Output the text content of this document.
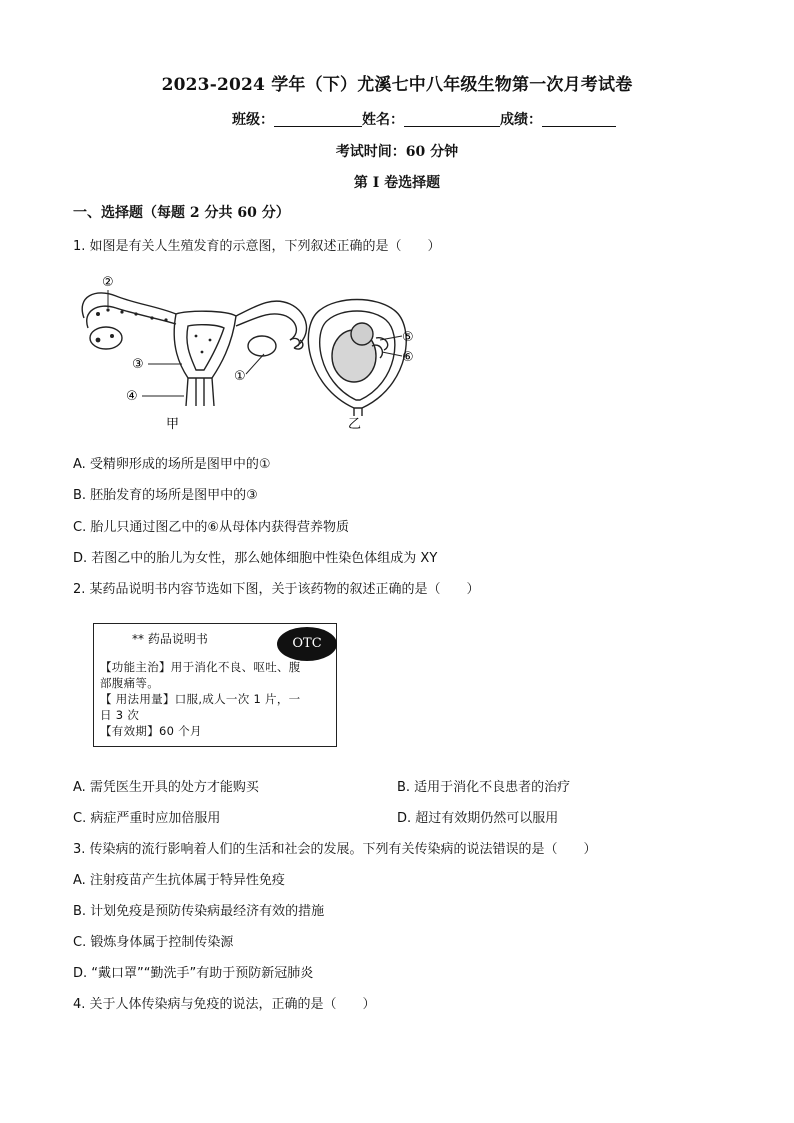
2023-2024 学年（下）尤溪七中八年级生物第一次月考试卷
班级：	姓名：	成绩：
考试时间：60 分钟
第 I 卷选择题
一、选择题（每题 2 分共 60 分）
1. 如图是有关人生殖发育的示意图，下列叙述正确的是（　　）
②
③
①
④
甲
⑤
⑥
乙
A. 受精卵形成的场所是图甲中的①
B. 胚胎发育的场所是图甲中的③
C. 胎儿只通过图乙中的⑥从母体内获得营养物质
D. 若图乙中的胎儿为女性，那么她体细胞中性染色体组成为 XY
2. 某药品说明书内容节选如下图，关于该药物的叙述正确的是（　　）
** 药品说明书	OTC
【功能主治】用于消化不良、呕吐、腹
部腹痛等。
【 用法用量】口服,成人一次 1 片，一
日 3 次
【有效期】60 个月
A. 需凭医生开具的处方才能购买	B. 适用于消化不良患者的治疗
C. 病症严重时应加倍服用	D. 超过有效期仍然可以服用
3. 传染病的流行影响着人们的生活和社会的发展。下列有关传染病的说法错误的是（　　）
A. 注射疫苗产生抗体属于特异性免疫
B. 计划免疫是预防传染病最经济有效的措施
C. 锻炼身体属于控制传染源
D. “戴口罩”“勤洗手”有助于预防新冠肺炎
4. 关于人体传染病与免疫的说法，正确的是（　　）
